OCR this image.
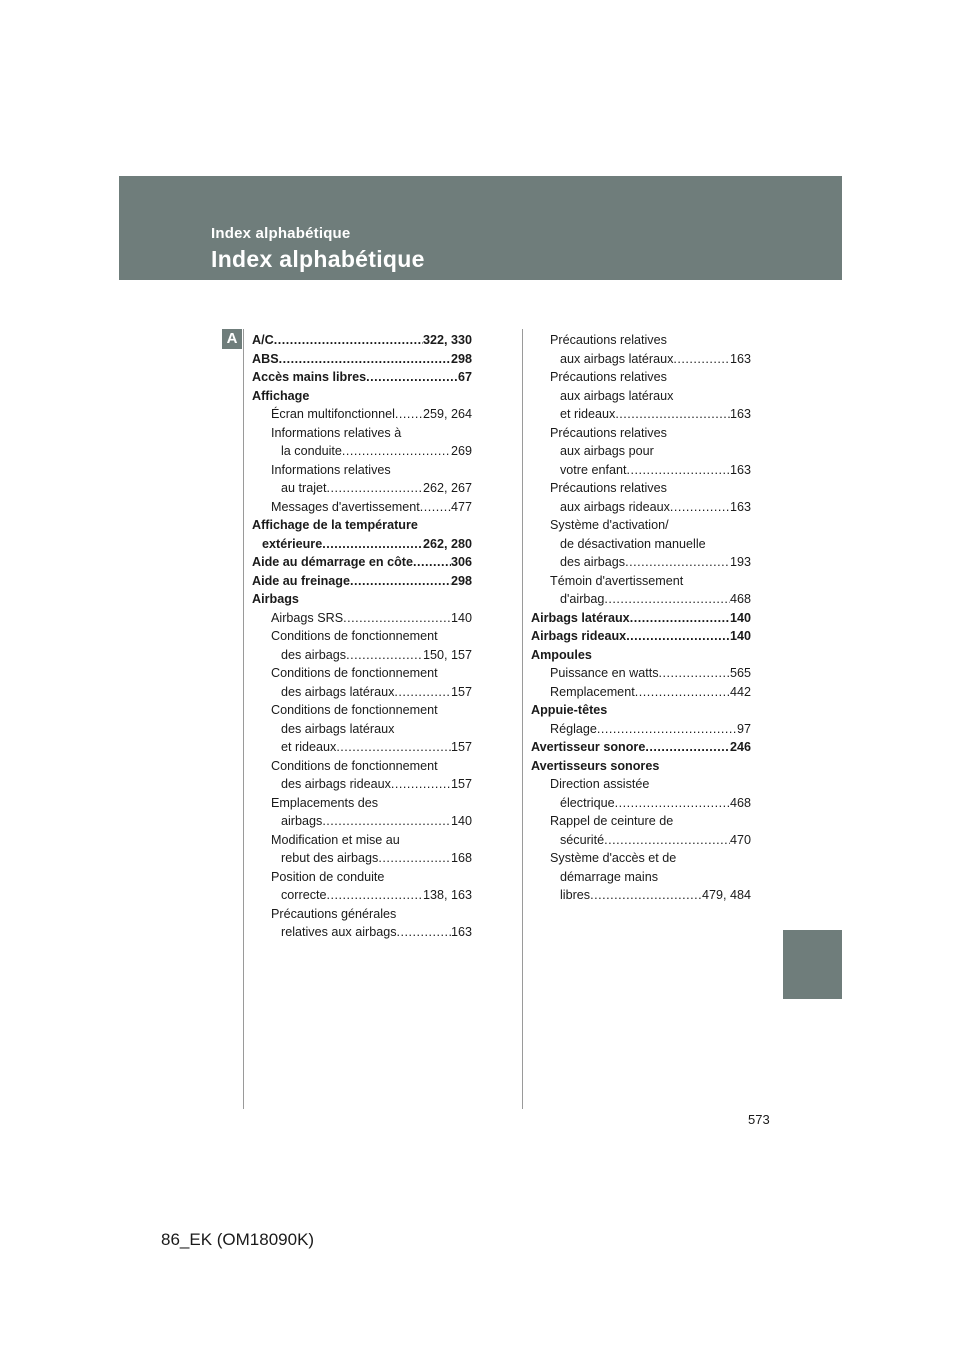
Index alphabétique
Index alphabétique
A	A/C .....	322, 330
ABS .....	298
Accès mains libres .....	67
Affichage
Écran multifonctionnel ..... 259, 264
Informations relatives à
la conduite .....	269
Informations relatives
au trajet .....	262, 267
Messages d'avertissement ..... 477
Affichage de la température
extérieure .....	262, 280
Aide au démarrage en côte .....	306
Aide au freinage .....	298
Airbags
Airbags SRS .....	140
Conditions de fonctionnement
des airbags .....	150, 157
Conditions de fonctionnement
des airbags latéraux .....	157
Conditions de fonctionnement
des airbags latéraux
et rideaux .....	157
Conditions de fonctionnement
des airbags rideaux .....	157
Emplacements des
airbags .....	140
Modification et mise au
rebut des airbags .....	168
Position de conduite
correcte .....	138, 163
Précautions générales
relatives aux airbags .....	163
Précautions relatives
aux airbags latéraux .....	163
Précautions relatives
aux airbags latéraux
et rideaux .....	163
Précautions relatives
aux airbags pour
votre enfant .....	163
Précautions relatives
aux airbags rideaux .....	163
Système d'activation/
de désactivation manuelle
des airbags .....	193
Témoin d'avertissement
d'airbag .....	468
Airbags latéraux .....	140
Airbags rideaux .....	140
Ampoules
Puissance en watts .....	565
Remplacement .....	442
Appuie-têtes
Réglage .....	97
Avertisseur sonore .....	246
Avertisseurs sonores
Direction assistée
électrique .....	468
Rappel de ceinture de
sécurité .....	470
Système d'accès et de
démarrage mains
libres .....	479, 484
573
86_EK (OM18090K)
